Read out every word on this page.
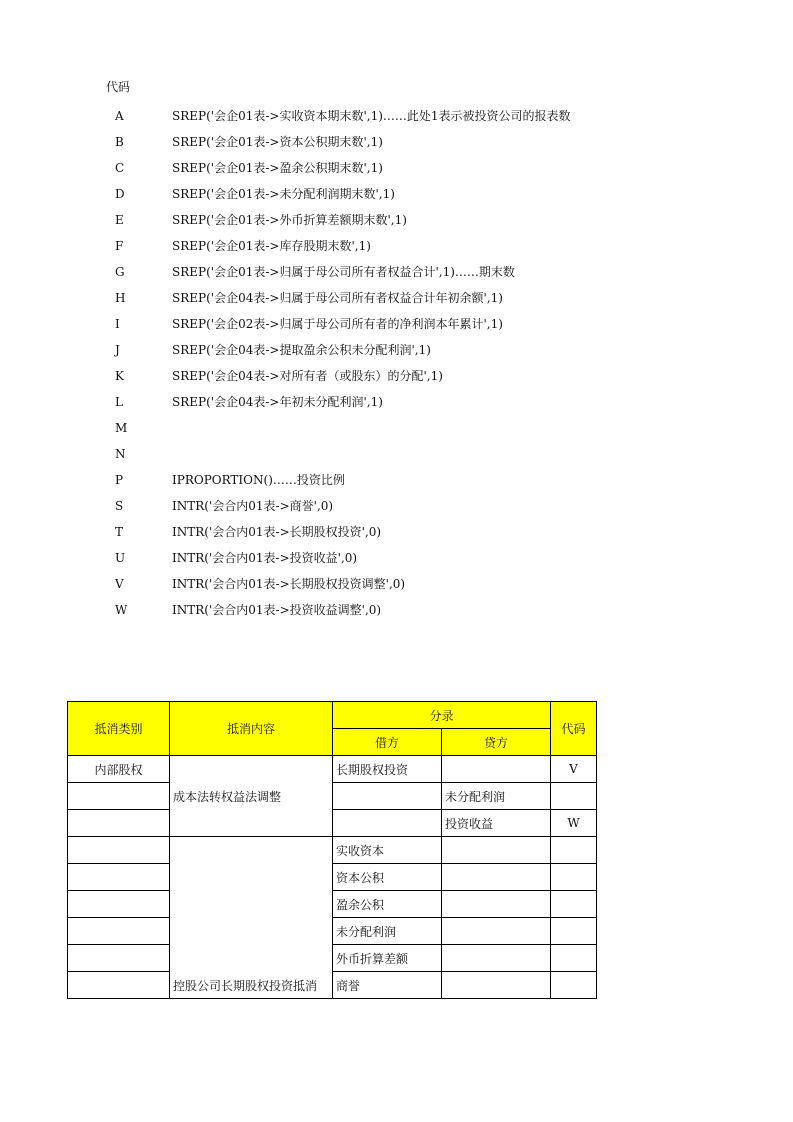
代码
A	SREP('会企01表->实收资本期末数',1)……此处1表示被投资公司的报表数
B	SREP('会企01表->资本公积期末数',1)
C	SREP('会企01表->盈余公积期末数',1)
D	SREP('会企01表->未分配利润期末数',1)
E	SREP('会企01表->外币折算差额期末数',1)
F	SREP('会企01表->库存股期末数',1)
G	SREP('会企01表->归属于母公司所有者权益合计',1)……期末数
H	SREP('会企04表->归属于母公司所有者权益合计年初余额',1)
I	SREP('会企02表->归属于母公司所有者的净利润本年累计',1)
J	SREP('会企04表->提取盈余公积未分配利润',1)
K	SREP('会企04表->对所有者（或股东）的分配',1)
L	SREP('会企04表->年初未分配利润',1)
M
N
P	IPROPORTION()……投资比例
S	INTR('会合内01表->商誉',0)
T	INTR('会合内01表->长期股权投资',0)
U	INTR('会合内01表->投资收益',0)
V	INTR('会合内01表->长期股权投资调整',0)
W	INTR('会合内01表->投资收益调整',0)
抵消类别	抵消内容	分录		代码
		借方	贷方	
内部股权	成本法转权益法调整	长期股权投资		V
			未分配利润	
			投资收益	W
	控股公司长期股权投资抵消	实收资本		
		资本公积		
		盈余公积		
		未分配利润		
		外币折算差额		
		商誉		
